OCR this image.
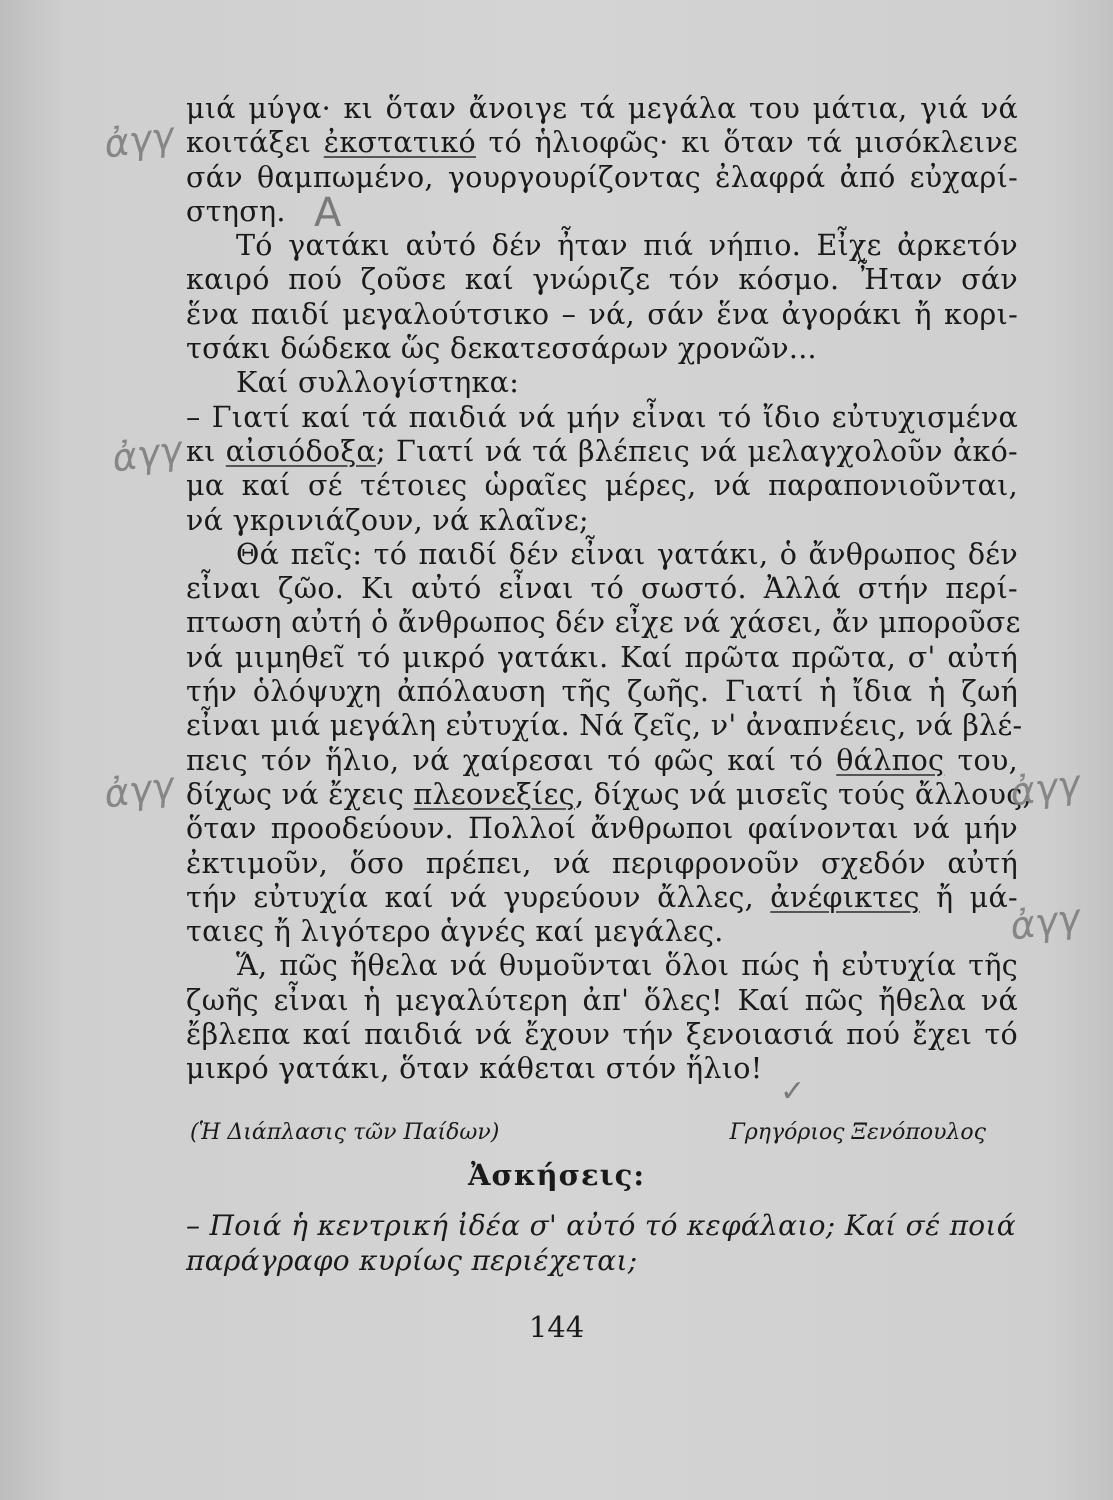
μιά μύγα· κι ὅταν ἄνοιγε τά μεγάλα του μάτια, γιά νά
κοιτάξει ἐκστατικό τό ἡλιοφῶς· κι ὅταν τά μισόκλεινε
σάν θαμπωμένο, γουργουρίζοντας ἐλαφρά ἀπό εὐχαρί-
στηση.
Τό γατάκι αὐτό δέν ἦταν πιά νήπιο. Εἶχε ἀρκετόν
καιρό πού ζοῦσε καί γνώριζε τόν κόσμο. Ἦταν σάν
ἕνα παιδί μεγαλούτσικο – νά, σάν ἕνα ἀγοράκι ἤ κορι-
τσάκι δώδεκα ὥς δεκατεσσάρων χρονῶν...
Καί συλλογίστηκα:
– Γιατί καί τά παιδιά νά μήν εἶναι τό ἴδιο εὐτυχισμένα
κι αἰσιόδοξα; Γιατί νά τά βλέπεις νά μελαγχολοῦν ἀκό-
μα καί σέ τέτοιες ὡραῖες μέρες, νά παραπονιοῦνται,
νά γκρινιάζουν, νά κλαῖνε;
Θά πεῖς: τό παιδί δέν εἶναι γατάκι, ὁ ἄνθρωπος δέν
εἶναι ζῶο. Κι αὐτό εἶναι τό σωστό. Ἀλλά στήν περί-
πτωση αὐτή ὁ ἄνθρωπος δέν εἶχε νά χάσει, ἄν μποροῦσε
νά μιμηθεῖ τό μικρό γατάκι. Καί πρῶτα πρῶτα, σ' αὐτή
τήν ὁλόψυχη ἀπόλαυση τῆς ζωῆς. Γιατί ἡ ἴδια ἡ ζωή
εἶναι μιά μεγάλη εὐτυχία. Νά ζεῖς, ν' ἀναπνέεις, νά βλέ-
πεις τόν ἥλιο, νά χαίρεσαι τό φῶς καί τό θάλπος του,
δίχως νά ἔχεις πλεονεξίες, δίχως νά μισεῖς τούς ἄλλους,
ὅταν προοδεύουν. Πολλοί ἄνθρωποι φαίνονται νά μήν
ἐκτιμοῦν, ὅσο πρέπει, νά περιφρονοῦν σχεδόν αὐτή
τήν εὐτυχία καί νά γυρεύουν ἄλλες, ἀνέφικτες ἤ μά-
ταιες ἤ λιγότερο ἁγνές καί μεγάλες.
Ἅ, πῶς ἤθελα νά θυμοῦνται ὅλοι πώς ἡ εὐτυχία τῆς
ζωῆς εἶναι ἡ μεγαλύτερη ἀπ' ὅλες! Καί πῶς ἤθελα νά
ἔβλεπα καί παιδιά νά ἔχουν τήν ξενοιασιά πού ἔχει τό
μικρό γατάκι, ὅταν κάθεται στόν ἥλιο!
(Ἡ Διάπλασις τῶν Παίδων)	Γρηγόριος Ξενόπουλος
Ἀσκήσεις:
– Ποιά ἡ κεντρική ἰδέα σ' αὐτό τό κεφάλαιο; Καί σέ ποιά
παράγραφο κυρίως περιέχεται;
144
ἀγγ
ἀγγ
ἀγγ	ἀγγ
ἀγγ
A
✓
